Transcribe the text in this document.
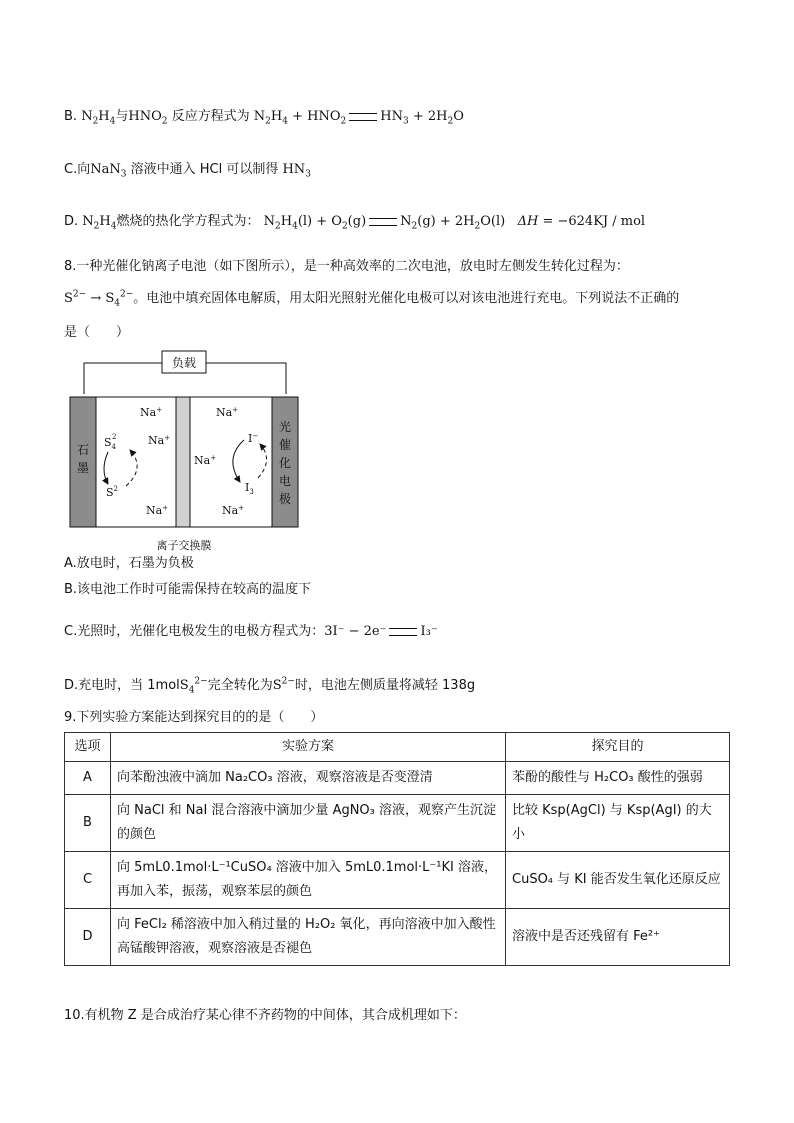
B. $N_2H_4$与$HNO_2$ 反应方程式为 $N_2H_4 + HNO_2$	$HN_3 + 2H_2O$
C.向NaN$_3$ 溶液中通入 HCl 可以制得 $HN_3$
D. $N_2H_4$燃烧的热化学方程式为： $N_2H_4(l) + O_2(g)$	$N_2(g) + 2H_2O(l) \Delta H = -624KJ$ / mol
8.一种光催化钠离子电池（如下图所示），是一种高效率的二次电池，放电时左侧发生转化过程为：
$S^{2-} \to S_4^{2-}$。电池中填充固体电解质，用太阳光照射光催化电极可以对该电池进行充电。下列说法不正确的
是（　　）
负载
石
墨
光
催
化
电
极
Na+
Na+
Na+
$S_42$
$S^2$
Na+
Na+
Na+
I−
$I_3$
离子交换膜
A.放电时，石墨为负极
B.该电池工作时可能需保持在较高的温度下
C.光照时，光催化电极发生的电极方程式为：3I⁻ − 2e⁻	I₃⁻
D.充电时，当 1molS$_4^{2-}$完全转化为$S^{2-}$时，电池左侧质量将减轻 138g
9.下列实验方案能达到探究目的的是（　　）
选项	实验方案	探究目的
A	向苯酚浊液中滴加 Na₂CO₃ 溶液，观察溶液是否变澄清	苯酚的酸性与 H₂CO₃ 酸性的强弱
B	向 NaCl 和 NaI 混合溶液中滴加少量 AgNO₃ 溶液，观察产生沉淀的颜色	比较 Ksp(AgCl) 与 Ksp(AgI) 的大小
C	向 5mL0.1mol·L⁻¹CuSO₄ 溶液中加入 5mL0.1mol·L⁻¹KI 溶液，再加入苯，振荡，观察苯层的颜色	CuSO₄ 与 KI 能否发生氧化还原反应
D	向 FeCl₂ 稀溶液中加入稍过量的 H₂O₂ 氧化，再向溶液中加入酸性高锰酸钾溶液，观察溶液是否褪色	溶液中是否还残留有 Fe²⁺
10.有机物 Z 是合成治疗某心律不齐药物的中间体，其合成机理如下：
